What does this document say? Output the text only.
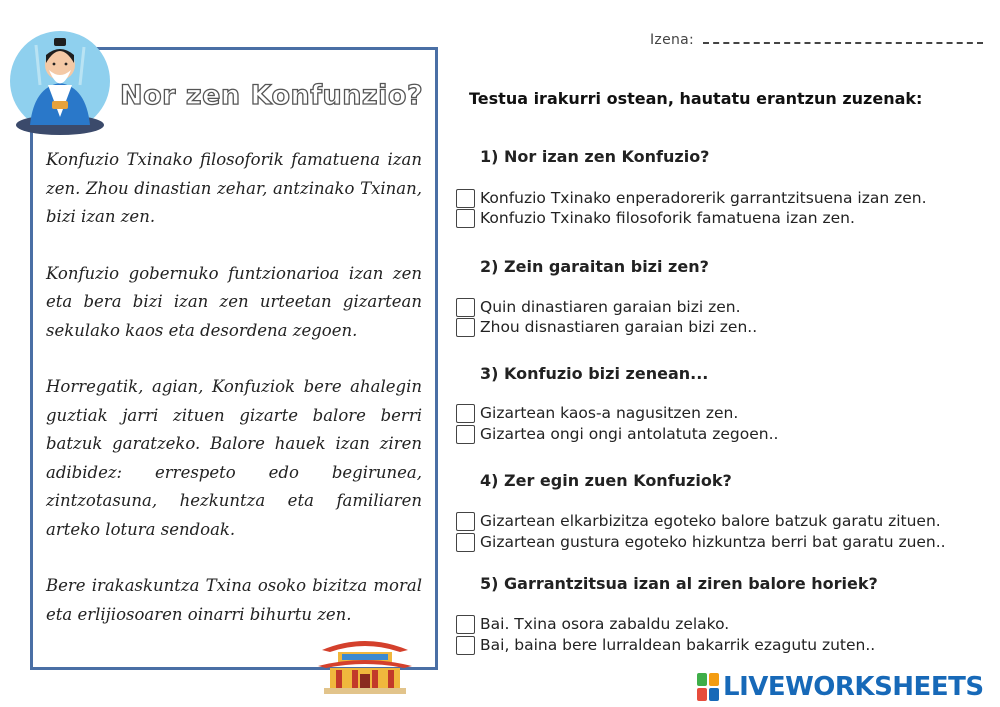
Nor zen Konfunzio?

Konfuzio Txinako filosoforik famatuena izan zen. Zhou dinastian zehar, antzinako Txinan, bizi izan zen.

Konfuzio gobernuko funtzionarioa izan zen eta bera bizi izan zen urteetan gizartean sekulako kaos eta desordena zegoen.

Horregatik, agian, Konfuziok bere ahalegin guztiak jarri zituen gizarte balore berri batzuk garatzeko. Balore hauek izan ziren adibidez: errespeto edo begirunea, zintzotasuna, hezkuntza eta familiaren arteko lotura sendoak.

Bere irakaskuntza Txina osoko bizitza moral eta erlijiosoaren oinarri bihurtu zen.

Izena:
Testua irakurri ostean, hautatu erantzun zuzenak:
1) Nor izan zen Konfuzio?
Konfuzio Txinako enperadorerik garrantzitsuena izan zen.
Konfuzio Txinako filosoforik famatuena izan zen.
2) Zein garaitan bizi zen?
Quin dinastiaren garaian bizi zen.
Zhou disnastiaren garaian bizi zen..
3) Konfuzio bizi zenean...
Gizartean kaos-a nagusitzen zen.
Gizartea ongi ongi antolatuta zegoen..
4) Zer egin zuen Konfuziok?
Gizartean elkarbizitza egoteko balore batzuk garatu zituen.
Gizartean gustura egoteko hizkuntza berri bat garatu zuen..
5) Garrantzitsua izan al ziren balore horiek?
Bai. Txina osora zabaldu zelako.
Bai, baina bere lurraldean bakarrik ezagutu zuten..
LIVEWORKSHEETS
